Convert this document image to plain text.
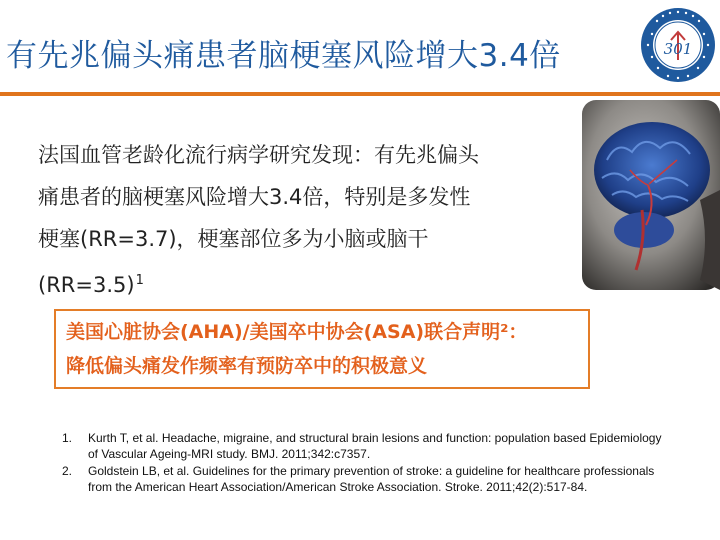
有先兆偏头痛患者脑梗塞风险增大3.4倍	301
法国血管老龄化流行病学研究发现：有先兆偏头
痛患者的脑梗塞风险增大3.4倍，特别是多发性
梗塞(RR=3.7)，梗塞部位多为小脑或脑干
(RR=3.5)$^1$
美国心脏协会(AHA)/美国卒中协会(ASA)联合声明²：
降低偏头痛发作频率有预防卒中的积极意义
1.	Kurth T, et al. Headache, migraine, and structural brain lesions and function: population based Epidemiology of Vascular Ageing-MRI study. BMJ. 2011;342:c7357.
2.	Goldstein LB, et al. Guidelines for the primary prevention of stroke: a guideline for healthcare professionals from the American Heart Association/American Stroke Association. Stroke. 2011;42(2):517-84.
